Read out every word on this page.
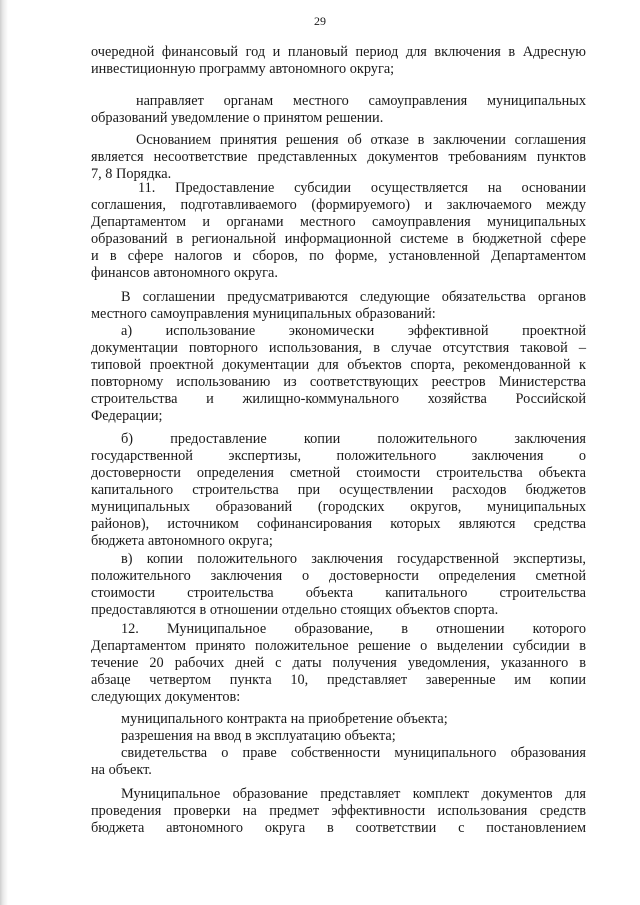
29
очередной финансовый год и плановый период для включения в Адресную
инвестиционную программу автономного округа;
направляет органам местного самоуправления муниципальных
образований уведомление о принятом решении.
Основанием принятия решения об отказе в заключении соглашения
является несоответствие представленных документов требованиям пунктов
7, 8 Порядка.
11. Предоставление субсидии осуществляется на основании
соглашения, подготавливаемого (формируемого) и заключаемого между
Департаментом и органами местного самоуправления муниципальных
образований в региональной информационной системе в бюджетной сфере
и в сфере налогов и сборов, по форме, установленной Департаментом
финансов автономного округа.
В соглашении предусматриваются следующие обязательства органов
местного самоуправления муниципальных образований:
а) использование экономически эффективной проектной
документации повторного использования, в случае отсутствия таковой –
типовой проектной документации для объектов спорта, рекомендованной к
повторному использованию из соответствующих реестров Министерства
строительства и жилищно-коммунального хозяйства Российской
Федерации;
б) предоставление копии положительного заключения
государственной экспертизы, положительного заключения о
достоверности определения сметной стоимости строительства объекта
капитального строительства при осуществлении расходов бюджетов
муниципальных образований (городских округов, муниципальных
районов), источником софинансирования которых являются средства
бюджета автономного округа;
в) копии положительного заключения государственной экспертизы,
положительного заключения о достоверности определения сметной
стоимости строительства объекта капитального строительства
предоставляются в отношении отдельно стоящих объектов спорта.
12. Муниципальное образование, в отношении которого
Департаментом принято положительное решение о выделении субсидии в
течение 20 рабочих дней с даты получения уведомления, указанного в
абзаце четвертом пункта 10, представляет заверенные им копии
следующих документов:
муниципального контракта на приобретение объекта;
разрешения на ввод в эксплуатацию объекта;
свидетельства о праве собственности муниципального образования
на объект.
Муниципальное образование представляет комплект документов для
проведения проверки на предмет эффективности использования средств
бюджета автономного округа в соответствии с постановлением
